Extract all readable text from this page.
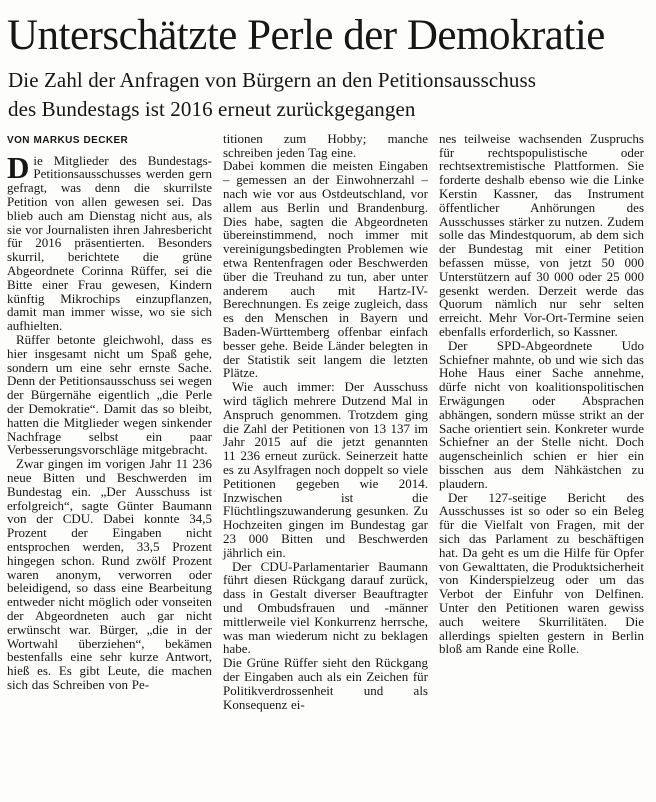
Unterschätzte Perle der Demokratie
Die Zahl der Anfragen von Bürgern an den Petitionsausschuss
des Bundestags ist 2016 erneut zurückgegangen
VON MARKUS DECKER

Die Mitglieder des Bundestags-Petitionsausschusses werden gern gefragt, was denn die skurrilste Petition von allen gewesen sei. Das blieb auch am Dienstag nicht aus, als sie vor Journalisten ihren Jahresbericht für 2016 präsentierten. Besonders skurril, berichtete die grüne Abgeordnete Corinna Rüffer, sei die Bitte einer Frau gewesen, Kindern künftig Mikrochips einzupflanzen, damit man immer wisse, wo sie sich aufhielten.

Rüffer betonte gleichwohl, dass es hier insgesamt nicht um Spaß gehe, sondern um eine sehr ernste Sache. Denn der Petitionsausschuss sei wegen der Bürgernähe eigentlich „die Perle der Demokratie“. Damit das so bleibt, hatten die Mitglieder wegen sinkender Nachfrage selbst ein paar Verbesserungsvorschläge mitgebracht.

Zwar gingen im vorigen Jahr 11 236 neue Bitten und Beschwerden im Bundestag ein. „Der Ausschuss ist erfolgreich“, sagte Günter Baumann von der CDU. Dabei konnte 34,5 Prozent der Eingaben nicht entsprochen werden, 33,5 Prozent hingegen schon. Rund zwölf Prozent waren anonym, verworren oder beleidigend, so dass eine Bearbeitung entweder nicht möglich oder vonseiten der Abgeordneten auch gar nicht erwünscht war. Bürger, „die in der Wortwahl überziehen“, bekämen bestenfalls eine sehr kurze Antwort, hieß es. Es gibt Leute, die machen sich das Schreiben von Pe-

titionen zum Hobby; manche schreiben jeden Tag eine.

Dabei kommen die meisten Eingaben – gemessen an der Einwohnerzahl – nach wie vor aus Ostdeutschland, vor allem aus Berlin und Brandenburg. Dies habe, sagten die Abgeordneten übereinstimmend, noch immer mit vereinigungsbedingten Problemen wie etwa Rentenfragen oder Beschwerden über die Treuhand zu tun, aber unter anderem auch mit Hartz-IV-Berechnungen. Es zeige zugleich, dass es den Menschen in Bayern und Baden-Württemberg offenbar einfach besser gehe. Beide Länder belegten in der Statistik seit langem die letzten Plätze.

Wie auch immer: Der Ausschuss wird täglich mehrere Dutzend Mal in Anspruch genommen. Trotzdem ging die Zahl der Petitionen von 13 137 im Jahr 2015 auf die jetzt genannten 11 236 erneut zurück. Seinerzeit hatte es zu Asylfragen noch doppelt so viele Petitionen gegeben wie 2014. Inzwischen ist die Flüchtlingszuwanderung gesunken. Zu Hochzeiten gingen im Bundestag gar 23 000 Bitten und Beschwerden jährlich ein.

Der CDU-Parlamentarier Baumann führt diesen Rückgang darauf zurück, dass in Gestalt diverser Beauftragter und Ombudsfrauen und -männer mittlerweile viel Konkurrenz herrsche, was man wiederum nicht zu beklagen habe.

Die Grüne Rüffer sieht den Rückgang der Eingaben auch als ein Zeichen für Politikverdrossenheit und als Konsequenz ei-

nes teilweise wachsenden Zuspruchs für rechtspopulistische oder rechtsextremistische Plattformen. Sie forderte deshalb ebenso wie die Linke Kerstin Kassner, das Instrument öffentlicher Anhörungen des Ausschusses stärker zu nutzen. Zudem solle das Mindestquorum, ab dem sich der Bundestag mit einer Petition befassen müsse, von jetzt 50 000 Unterstützern auf 30 000 oder 25 000 gesenkt werden. Derzeit werde das Quorum nämlich nur sehr selten erreicht. Mehr Vor-Ort-Termine seien ebenfalls erforderlich, so Kassner.

Der SPD-Abgeordnete Udo Schiefner mahnte, ob und wie sich das Hohe Haus einer Sache annehme, dürfe nicht von koalitionspolitischen Erwägungen oder Absprachen abhängen, sondern müsse strikt an der Sache orientiert sein. Konkreter wurde Schiefner an der Stelle nicht. Doch augenscheinlich schien er hier ein bisschen aus dem Nähkästchen zu plaudern.

Der 127-seitige Bericht des Ausschusses ist so oder so ein Beleg für die Vielfalt von Fragen, mit der sich das Parlament zu beschäftigen hat. Da geht es um die Hilfe für Opfer von Gewalttaten, die Produktsicherheit von Kinderspielzeug oder um das Verbot der Einfuhr von Delfinen. Unter den Petitionen waren gewiss auch weitere Skurrilitäten. Die allerdings spielten gestern in Berlin bloß am Rande eine Rolle.
